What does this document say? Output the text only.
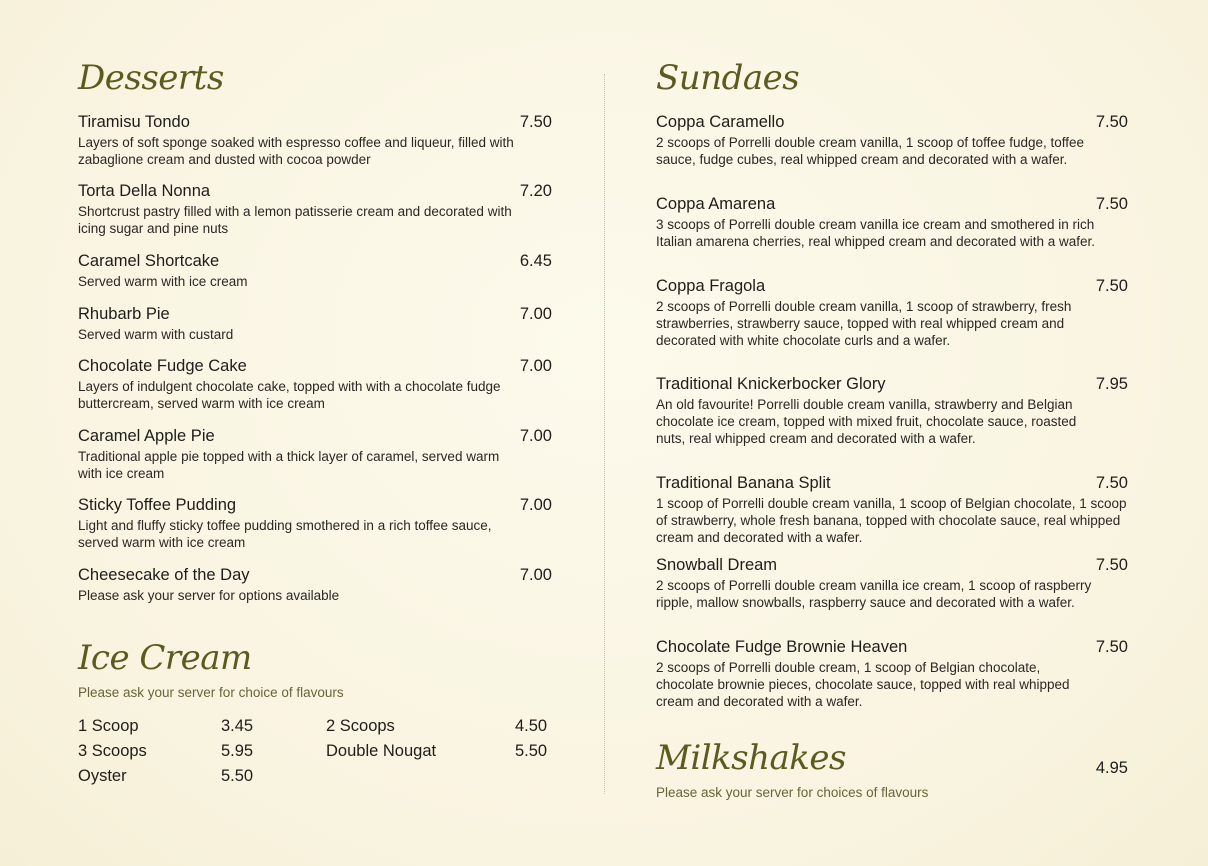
Desserts
Tiramisu Tondo	7.50
Layers of soft sponge soaked with espresso coffee and liqueur, filled with zabaglione cream and dusted with cocoa powder
Torta Della Nonna	7.20
Shortcrust pastry filled with a lemon patisserie cream and decorated with icing sugar and pine nuts
Caramel Shortcake	6.45
Served warm with ice cream
Rhubarb Pie	7.00
Served warm with custard
Chocolate Fudge Cake	7.00
Layers of indulgent chocolate cake, topped with with a chocolate fudge buttercream, served warm with ice cream
Caramel Apple Pie	7.00
Traditional apple pie topped with a thick layer of caramel, served warm with ice cream
Sticky Toffee Pudding	7.00
Light and fluffy sticky toffee pudding smothered in a rich toffee sauce, served warm with ice cream
Cheesecake of the Day	7.00
Please ask your server for options available
Ice Cream
Please ask your server for choice of flavours
1 Scoop	3.45
3 Scoops	5.95
Oyster	5.50
2 Scoops	4.50
Double Nougat	5.50
Sundaes
Coppa Caramello	7.50
2 scoops of Porrelli double cream vanilla, 1 scoop of toffee fudge, toffee sauce, fudge cubes, real whipped cream and decorated with a wafer.
Coppa Amarena	7.50
3 scoops of Porrelli double cream vanilla ice cream and smothered in rich Italian amarena cherries, real whipped cream and decorated with a wafer.
Coppa Fragola	7.50
2 scoops of Porrelli double cream vanilla, 1 scoop of strawberry, fresh strawberries, strawberry sauce, topped with real whipped cream and decorated with white chocolate curls and a wafer.
Traditional Knickerbocker Glory	7.95
An old favourite! Porrelli double cream vanilla, strawberry and Belgian chocolate ice cream, topped with mixed fruit, chocolate sauce, roasted nuts, real whipped cream and decorated with a wafer.
Traditional Banana Split	7.50
1 scoop of Porrelli double cream vanilla, 1 scoop of Belgian chocolate, 1 scoop of strawberry, whole fresh banana, topped with chocolate sauce, real whipped cream and decorated with a wafer.
Snowball Dream	7.50
2 scoops of Porrelli double cream vanilla ice cream, 1 scoop of raspberry ripple, mallow snowballs, raspberry sauce and decorated with a wafer.
Chocolate Fudge Brownie Heaven	7.50
2 scoops of Porrelli double cream, 1 scoop of Belgian chocolate, chocolate brownie pieces, chocolate sauce, topped with real whipped cream and decorated with a wafer.
Milkshakes	4.95
Please ask your server for choices of flavours
